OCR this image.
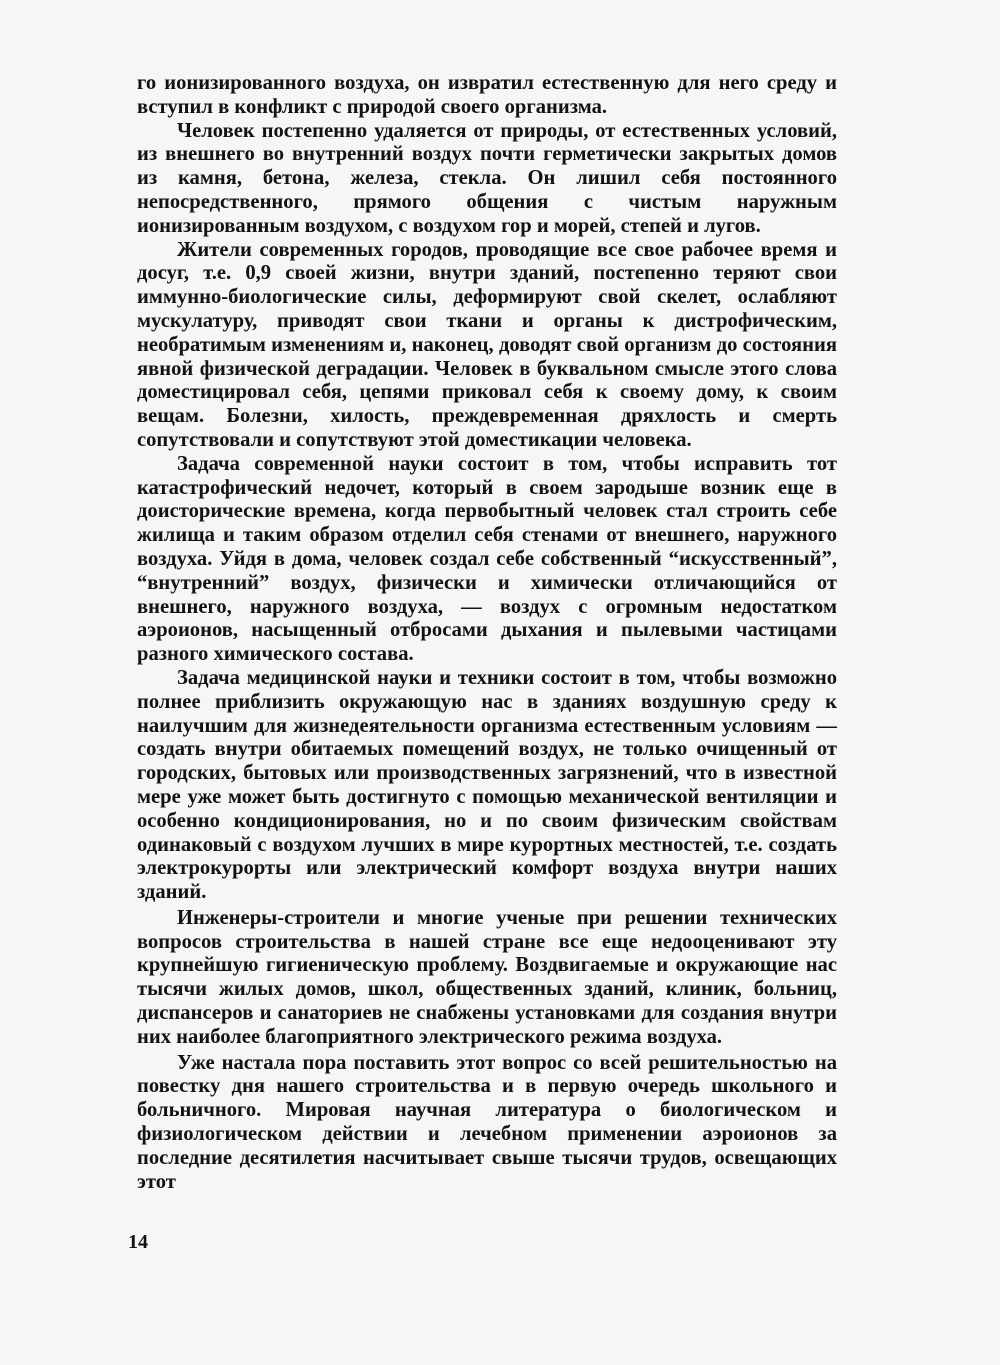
го ионизированного воздуха, он извратил естественную для него среду и вступил в конфликт с природой своего организма.

Человек постепенно удаляется от природы, от естественных условий, из внешнего во внутренний воздух почти герметически закрытых домов из камня, бетона, железа, стекла. Он лишил себя постоянного непосредственного, прямого общения с чистым наружным ионизированным воздухом, с воздухом гор и морей, степей и лугов.

Жители современных городов, проводящие все свое рабочее время и досуг, т.е. 0,9 своей жизни, внутри зданий, постепенно теряют свои иммунно-биологические силы, деформируют свой скелет, ослабляют мускулатуру, приводят свои ткани и органы к дистрофическим, необратимым изменениям и, наконец, доводят свой организм до состояния явной физической деградации. Человек в буквальном смысле этого слова доместицировал себя, цепями приковал себя к своему дому, к своим вещам. Болезни, хилость, преждевременная дряхлость и смерть сопутствовали и сопутствуют этой доместикации человека.

Задача современной науки состоит в том, чтобы исправить тот катастрофический недочет, который в своем зародыше возник еще в доисторические времена, когда первобытный человек стал строить себе жилища и таким образом отделил себя стенами от внешнего, наружного воздуха. Уйдя в дома, человек создал себе собственный “искусственный”, “внутренний” воздух, физически и химически отличающийся от внешнего, наружного воздуха, — воздух с огромным недостатком аэроионов, насыщенный отбросами дыхания и пылевыми частицами разного химического состава.

Задача медицинской науки и техники состоит в том, чтобы возможно полнее приблизить окружающую нас в зданиях воздушную среду к наилучшим для жизнедеятельности организма естественным условиям — создать внутри обитаемых помещений воздух, не только очищенный от городских, бытовых или производственных загрязнений, что в известной мере уже может быть достигнуто с помощью механической вентиляции и особенно кондиционирования, но и по своим физическим свойствам одинаковый с воздухом лучших в мире курортных местностей, т.е. создать электрокурорты или электрический комфорт воздуха внутри наших зданий.

Инженеры-строители и многие ученые при решении технических вопросов строительства в нашей стране все еще недооценивают эту крупнейшую гигиеническую проблему. Воздвигаемые и окружающие нас тысячи жилых домов, школ, общественных зданий, клиник, больниц, диспансеров и санаториев не снабжены установками для создания внутри них наиболее благоприятного электрического режима воздуха.

Уже настала пора поставить этот вопрос со всей решительностью на повестку дня нашего строительства и в первую очередь школьного и больничного. Мировая научная литература о биологическом и физиологическом действии и лечебном применении аэроионов за последние десятилетия насчитывает свыше тысячи трудов, освещающих этот

14
